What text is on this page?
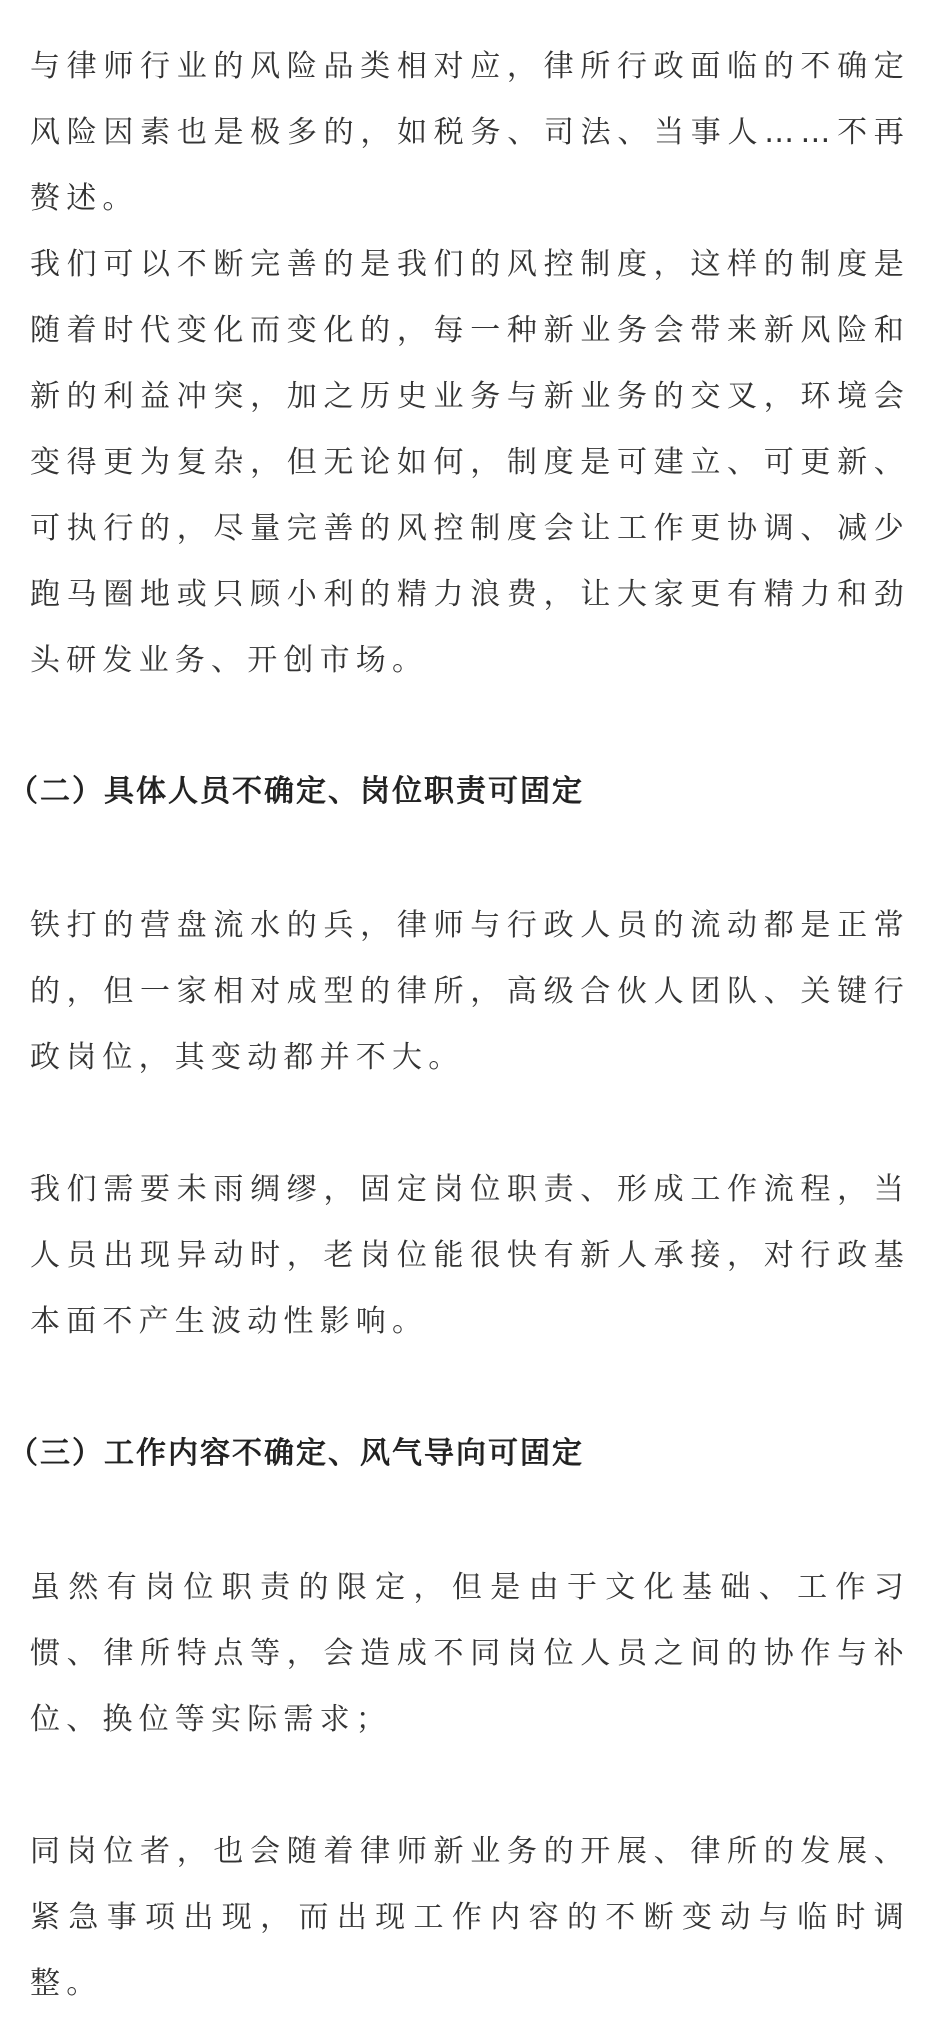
与律师行业的风险品类相对应，律所行政面临的不确定风险因素也是极多的，如税务、司法、当事人……不再赘述。

我们可以不断完善的是我们的风控制度，这样的制度是随着时代变化而变化的，每一种新业务会带来新风险和新的利益冲突，加之历史业务与新业务的交叉，环境会变得更为复杂，但无论如何，制度是可建立、可更新、可执行的，尽量完善的风控制度会让工作更协调、减少跑马圈地或只顾小利的精力浪费，让大家更有精力和劲头研发业务、开创市场。

（二）具体人员不确定、岗位职责可固定

铁打的营盘流水的兵，律师与行政人员的流动都是正常的，但一家相对成型的律所，高级合伙人团队、关键行政岗位，其变动都并不大。

我们需要未雨绸缪，固定岗位职责、形成工作流程，当人员出现异动时，老岗位能很快有新人承接，对行政基本面不产生波动性影响。

（三）工作内容不确定、风气导向可固定

虽然有岗位职责的限定，但是由于文化基础、工作习惯、律所特点等，会造成不同岗位人员之间的协作与补位、换位等实际需求；

同岗位者，也会随着律师新业务的开展、律所的发展、紧急事项出现，而出现工作内容的不断变动与临时调整。
